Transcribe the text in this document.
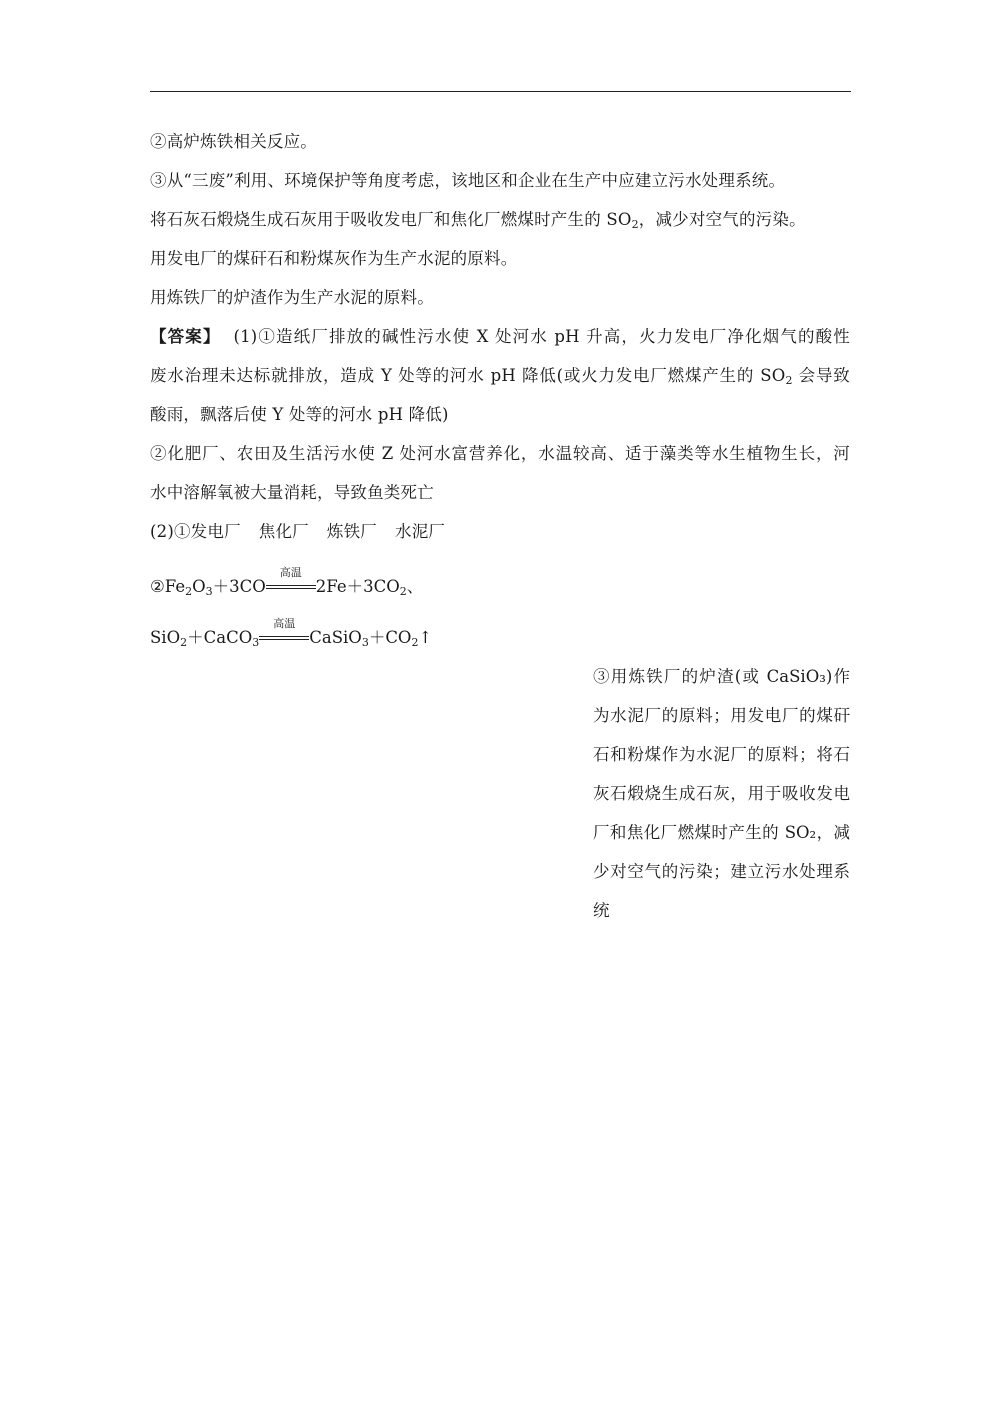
②高炉炼铁相关反应。
③从“三废”利用、环境保护等角度考虑，该地区和企业在生产中应建立污水处理系统。
将石灰石煅烧生成石灰用于吸收发电厂和焦化厂燃煤时产生的 $SO_2$，减少对空气的污染。
用发电厂的煤矸石和粉煤灰作为生产水泥的原料。
用炼铁厂的炉渣作为生产水泥的原料。
【答案】 (1)①造纸厂排放的碱性污水使 X 处河水 pH 升高，火力发电厂净化烟气的酸性
废水治理未达标就排放，造成 Y 处等的河水 pH 降低(或火力发电厂燃煤产生的 $SO_2$ 会导致
酸雨，飘落后使 Y 处等的河水 pH 降低)
②化肥厂、农田及生活污水使 Z 处河水富营养化，水温较高、适于藻类等水生植物生长，河
水中溶解氧被大量消耗，导致鱼类死亡
(2)①发电厂 焦化厂 炼铁厂 水泥厂
$②Fe_2O_3+3CO$
高温
$2Fe+3CO_2$、
SiO$_2$＋CaCO$_3$
高温
$CaSiO_3+CO_2↑$
③用炼铁厂的炉渣(或 CaSiO₃)作
为水泥厂的原料；用发电厂的煤矸
石和粉煤作为水泥厂的原料；将石
灰石煅烧生成石灰，用于吸收发电
厂和焦化厂燃煤时产生的 SO₂，减
少对空气的污染；建立污水处理系
统
